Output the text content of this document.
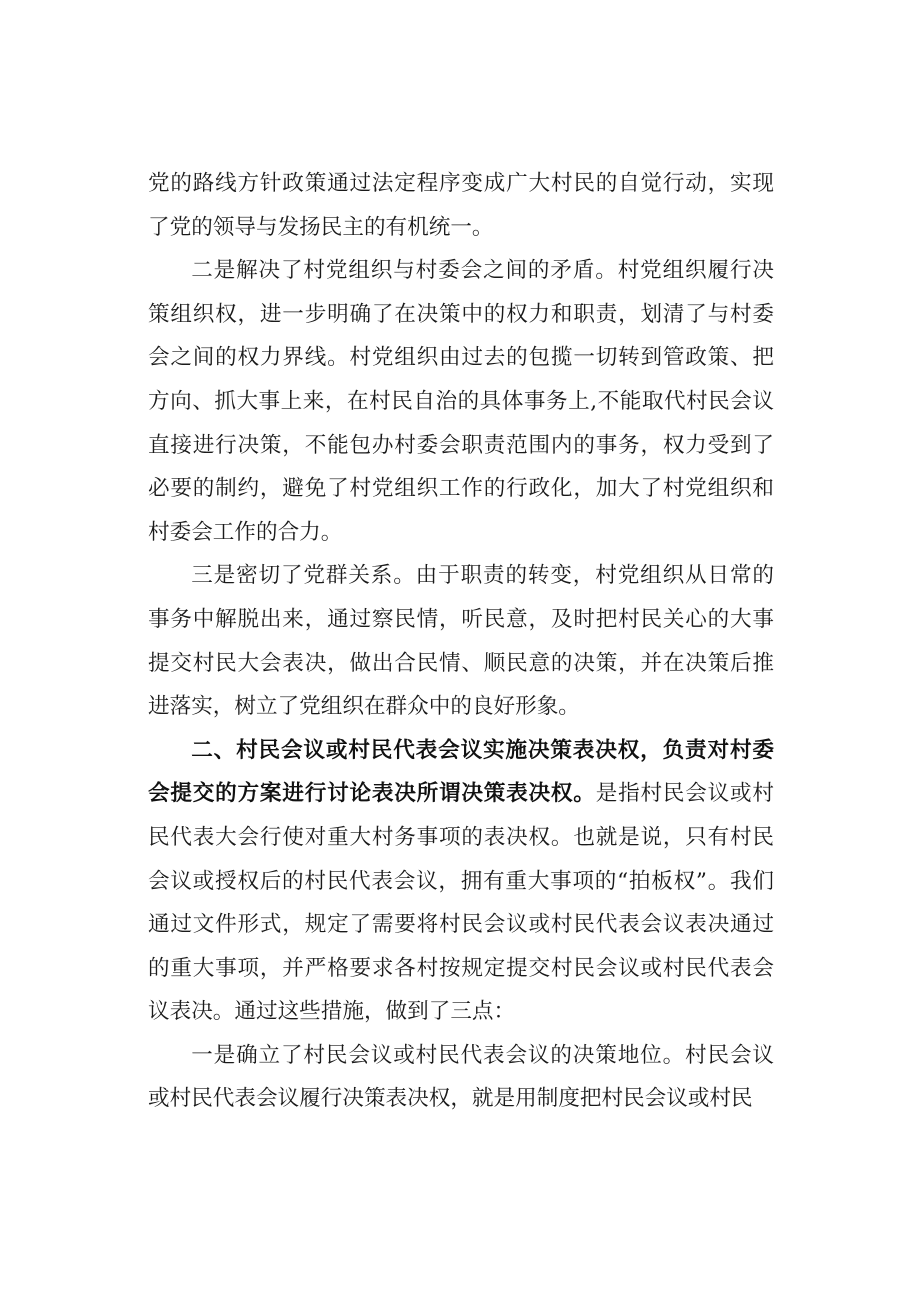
党的路线方针政策通过法定程序变成广大村民的自觉行动，实现了党的领导与发扬民主的有机统一。

二是解决了村党组织与村委会之间的矛盾。村党组织履行决策组织权，进一步明确了在决策中的权力和职责，划清了与村委会之间的权力界线。村党组织由过去的包揽一切转到管政策、把方向、抓大事上来，在村民自治的具体事务上,不能取代村民会议直接进行决策，不能包办村委会职责范围内的事务，权力受到了必要的制约，避免了村党组织工作的行政化，加大了村党组织和村委会工作的合力。

三是密切了党群关系。由于职责的转变，村党组织从日常的事务中解脱出来，通过察民情，听民意，及时把村民关心的大事提交村民大会表决，做出合民情、顺民意的决策，并在决策后推进落实，树立了党组织在群众中的良好形象。

二、村民会议或村民代表会议实施决策表决权，负责对村委会提交的方案进行讨论表决所谓决策表决权。是指村民会议或村民代表大会行使对重大村务事项的表决权。也就是说，只有村民会议或授权后的村民代表会议，拥有重大事项的“拍板权”。我们通过文件形式，规定了需要将村民会议或村民代表会议表决通过的重大事项，并严格要求各村按规定提交村民会议或村民代表会议表决。通过这些措施，做到了三点：

一是确立了村民会议或村民代表会议的决策地位。村民会议或村民代表会议履行决策表决权，就是用制度把村民会议或村民
